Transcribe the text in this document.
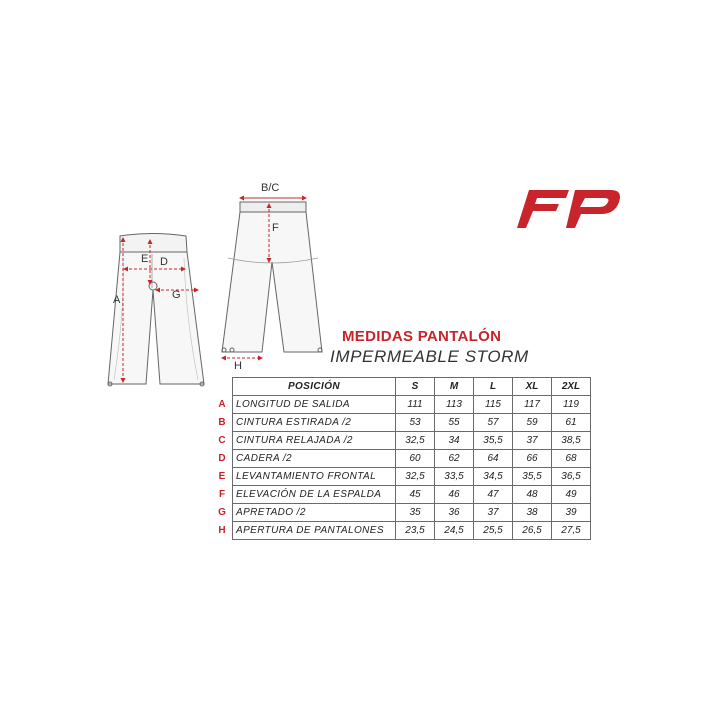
A
E D
G
B/C
F
H
MEDIDAS PANTALÓN
IMPERMEABLE STORM
	POSICIÓN	S	M	L	XL	2XL
A	LONGITUD DE SALIDA	111	113	115	117	119
B	CINTURA ESTIRADA /2	53	55	57	59	61
C	CINTURA RELAJADA /2	32,5	34	35,5	37	38,5
D	CADERA /2	60	62	64	66	68
E	LEVANTAMIENTO FRONTAL	32,5	33,5	34,5	35,5	36,5
F	ELEVACIÓN DE LA ESPALDA	45	46	47	48	49
G	APRETADO /2	35	36	37	38	39
H	APERTURA DE PANTALONES	23,5	24,5	25,5	26,5	27,5
